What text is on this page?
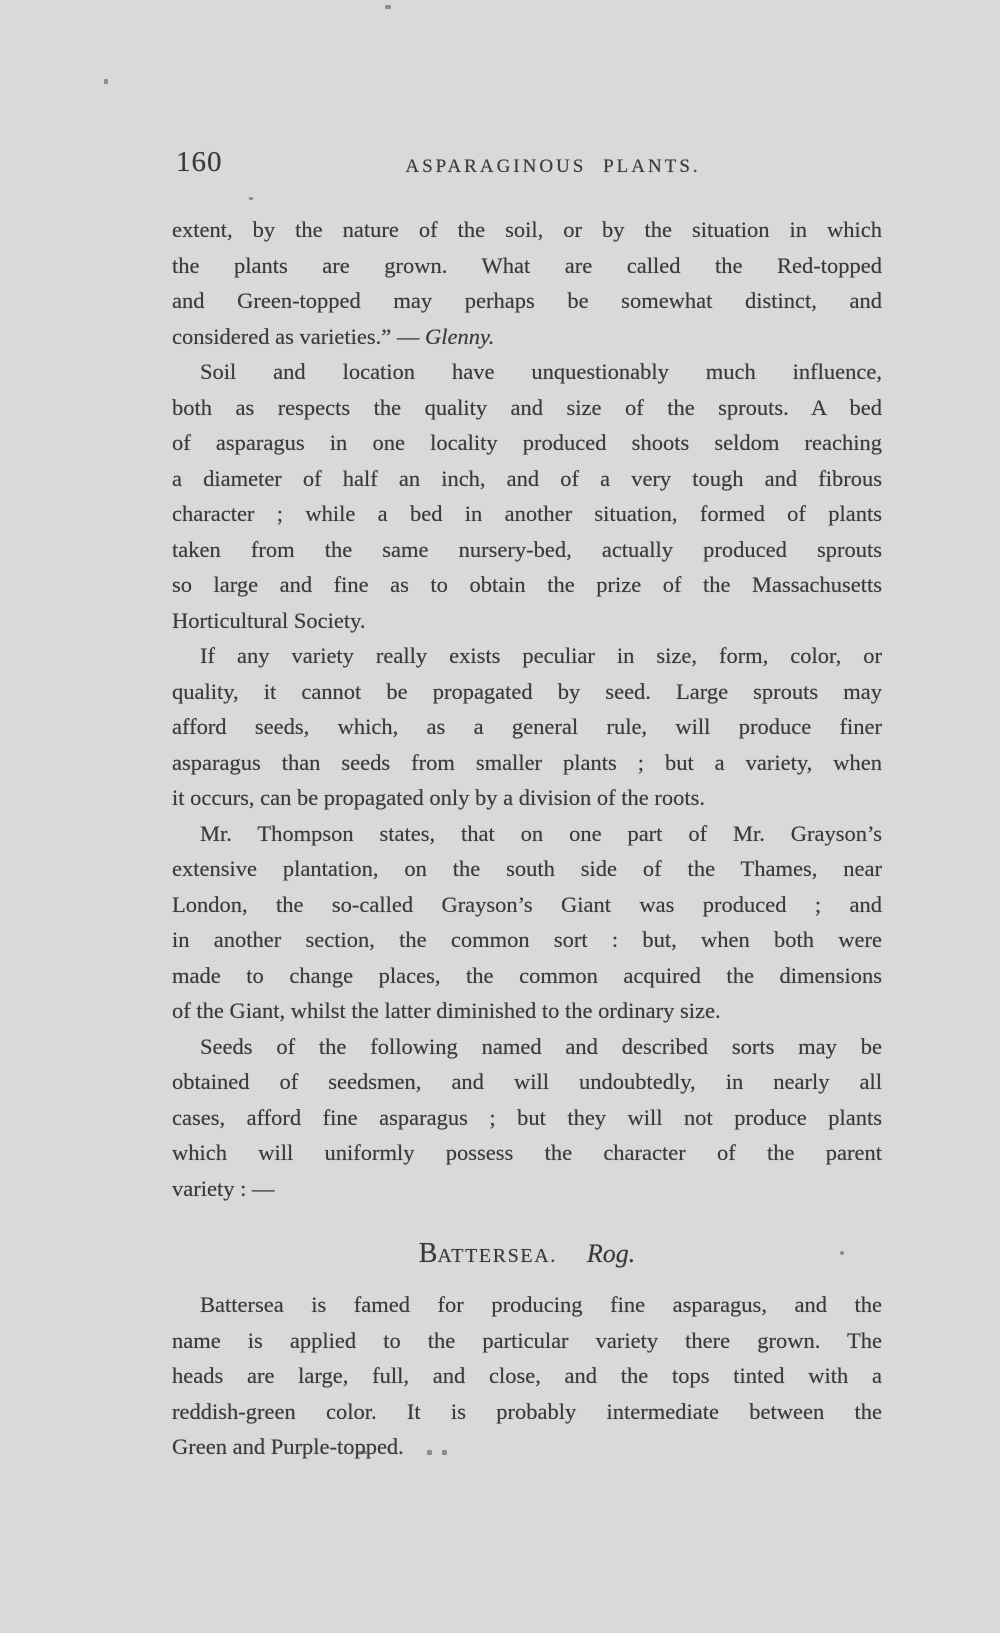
160	ASPARAGINOUS PLANTS.
extent, by the nature of the soil, or by the situation in which
the plants are grown. What are called the Red-topped
and Green-topped may perhaps be somewhat distinct, and
considered as varieties.” — Glenny.
Soil and location have unquestionably much influence,
both as respects the quality and size of the sprouts. A bed
of asparagus in one locality produced shoots seldom reaching
a diameter of half an inch, and of a very tough and fibrous
character ; while a bed in another situation, formed of plants
taken from the same nursery-bed, actually produced sprouts
so large and fine as to obtain the prize of the Massachusetts
Horticultural Society.
If any variety really exists peculiar in size, form, color, or
quality, it cannot be propagated by seed. Large sprouts may
afford seeds, which, as a general rule, will produce finer
asparagus than seeds from smaller plants ; but a variety, when
it occurs, can be propagated only by a division of the roots.
Mr. Thompson states, that on one part of Mr. Grayson’s
extensive plantation, on the south side of the Thames, near
London, the so-called Grayson’s Giant was produced ; and
in another section, the common sort : but, when both were
made to change places, the common acquired the dimensions
of the Giant, whilst the latter diminished to the ordinary size.
Seeds of the following named and described sorts may be
obtained of seedsmen, and will undoubtedly, in nearly all
cases, afford fine asparagus ; but they will not produce plants
which will uniformly possess the character of the parent
variety : —
BATTERSEA. Rog.
Battersea is famed for producing fine asparagus, and the
name is applied to the particular variety there grown. The
heads are large, full, and close, and the tops tinted with a
reddish-green color. It is probably intermediate between the
Green and Purple-topped.
